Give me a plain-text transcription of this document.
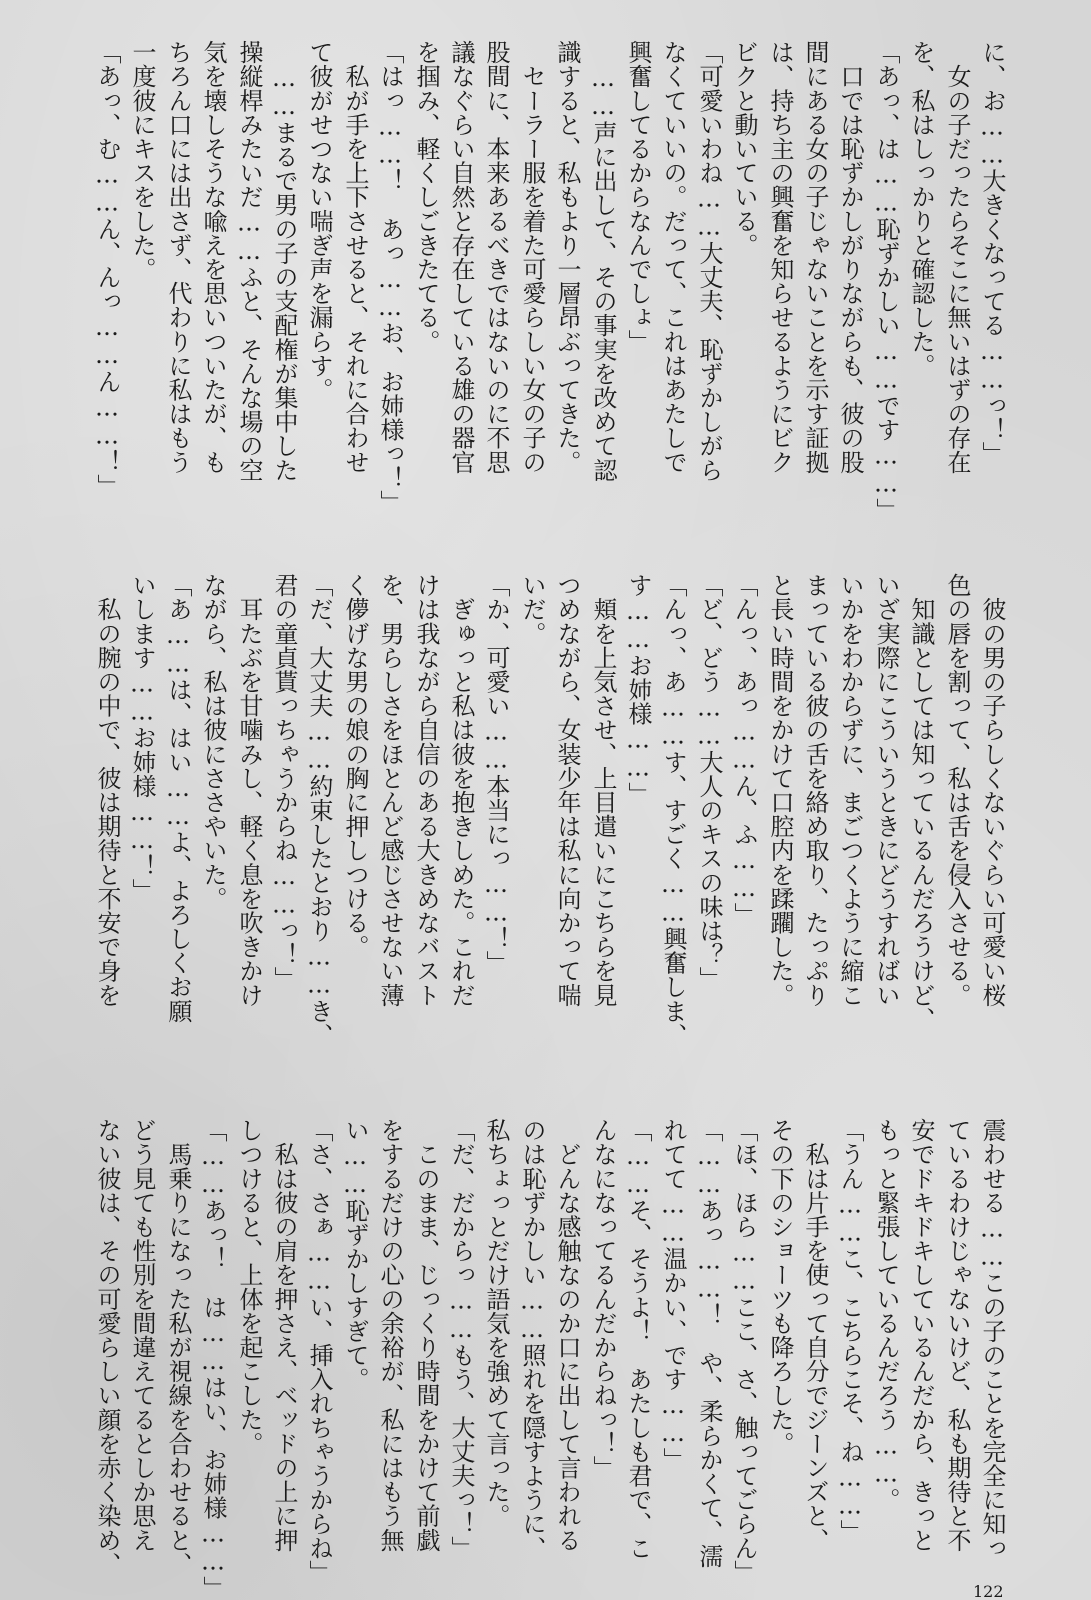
に、お……大きくなってる……っ！」

　女の子だったらそこに無いはずの存在

を、私はしっかりと確認した。

「あっ、は……恥ずかしい……です……」

　口では恥ずかしがりながらも、彼の股

間にある女の子じゃないことを示す証拠

は、持ち主の興奮を知らせるようにビク

ビクと動いている。

「可愛いわね……大丈夫、恥ずかしがら

なくていいの。だって、これはあたしで

興奮してるからなんでしょ」

　……声に出して、その事実を改めて認

識すると、私もより一層昂ぶってきた。

　セーラー服を着た可愛らしい女の子の

股間に、本来あるべきではないのに不思

議なぐらい自然と存在している雄の器官

を掴み、軽くしごきたてる。

「はっ……！　あっ……お、お姉様っ！」

　私が手を上下させると、それに合わせ

て彼がせつない喘ぎ声を漏らす。

　……まるで男の子の支配権が集中した

操縦桿みたいだ……ふと、そんな場の空

気を壊しそうな喩えを思いついたが、も

ちろん口には出さず、代わりに私はもう

一度彼にキスをした。

「あっ、む……ん、んっ……ん……！」

　彼の男の子らしくないぐらい可愛い桜

色の唇を割って、私は舌を侵入させる。

　知識としては知っているんだろうけど、

いざ実際にこういうときにどうすればい

いかをわからずに、まごつくように縮こ

まっている彼の舌を絡め取り、たっぷり

と長い時間をかけて口腔内を蹂躙した。

「んっ、あっ……ん、ふ……」

「ど、どう……大人のキスの味は？」

「んっ、あ……す、すごく……興奮しま、

す……お姉様……」

　頬を上気させ、上目遣いにこちらを見

つめながら、女装少年は私に向かって喘

いだ。

「か、可愛い……本当にっ……！」

　ぎゅっと私は彼を抱きしめた。これだ

けは我ながら自信のある大きめなバスト

を、男らしさをほとんど感じさせない薄

く儚げな男の娘の胸に押しつける。

「だ、大丈夫……約束したとおり……き、

君の童貞貰っちゃうからね……っ！」

　耳たぶを甘噛みし、軽く息を吹きかけ

ながら、私は彼にささやいた。

「あ……は、はい……よ、よろしくお願

いします……お姉様……！」

　私の腕の中で、彼は期待と不安で身を

震わせる……この子のことを完全に知っ

ているわけじゃないけど、私も期待と不

安でドキドキしているんだから、きっと

もっと緊張しているんだろう……。

「うん……こ、こちらこそ、ね……」

　私は片手を使って自分でジーンズと、

その下のショーツも降ろした。

「ほ、ほら……ここ、さ、触ってごらん」

「……あっ……！　や、柔らかくて、濡

れてて……温かい、です……」

「……そ、そうよ！　あたしも君で、こ

んなになってるんだからねっ！」

　どんな感触なのか口に出して言われる

のは恥ずかしい……照れを隠すように、

私ちょっとだけ語気を強めて言った。

「だ、だからっ……もう、大丈夫っ！」

　このまま、じっくり時間をかけて前戯

をするだけの心の余裕が、私にはもう無

い……恥ずかしすぎて。

「さ、さぁ……い、挿入れちゃうからね」

　私は彼の肩を押さえ、ベッドの上に押

しつけると、上体を起こした。

「……あっ！　は……はい、お姉様……」

　馬乗りになった私が視線を合わせると、

どう見ても性別を間違えてるとしか思え

ない彼は、その可愛らしい顔を赤く染め、

122
